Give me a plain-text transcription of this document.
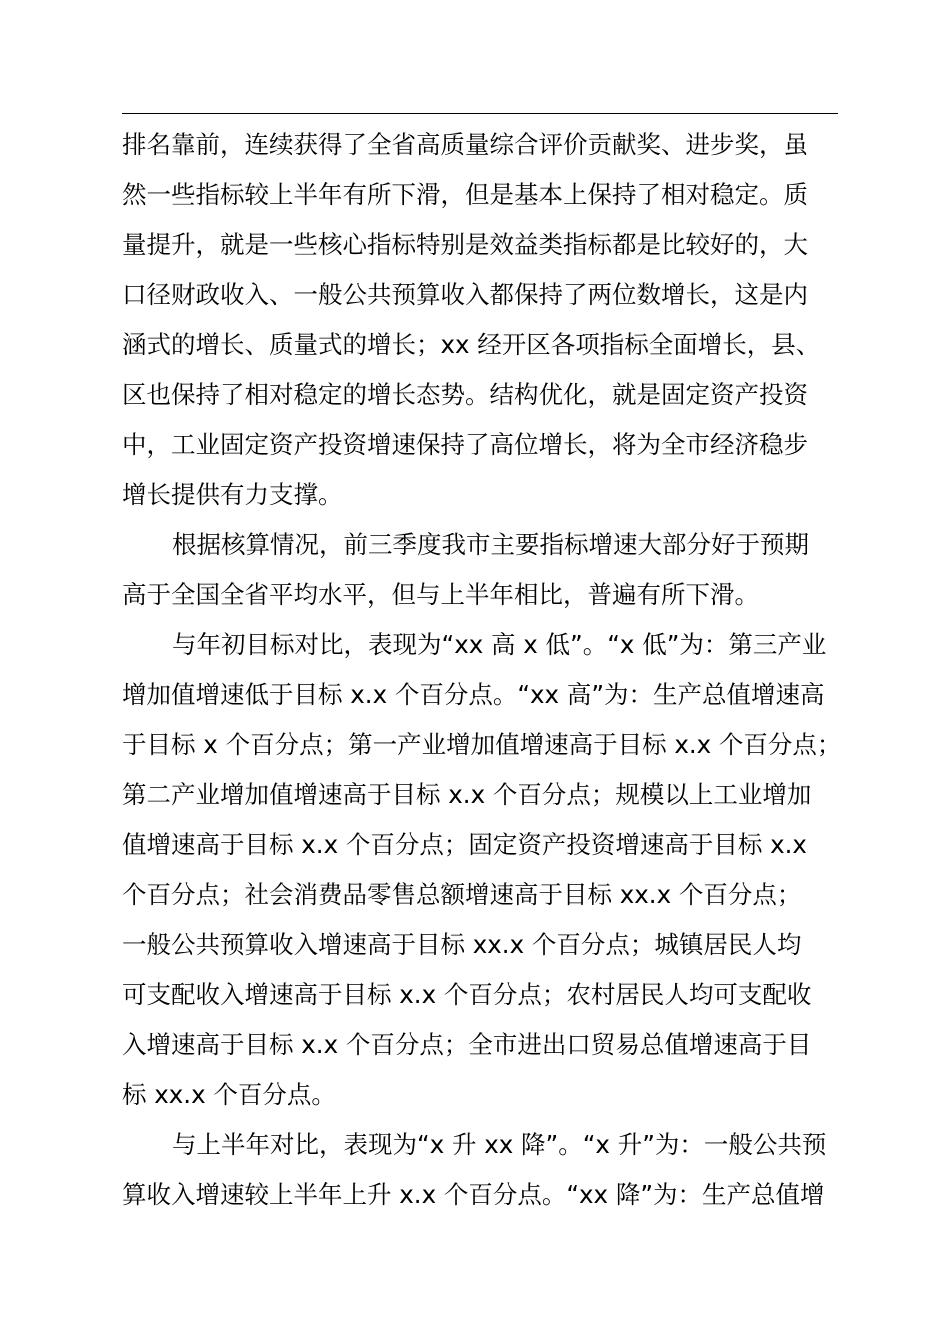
排名靠前，连续获得了全省高质量综合评价贡献奖、进步奖，虽
然一些指标较上半年有所下滑，但是基本上保持了相对稳定。质
量提升，就是一些核心指标特别是效益类指标都是比较好的，大
口径财政收入、一般公共预算收入都保持了两位数增长，这是内
涵式的增长、质量式的增长；xx 经开区各项指标全面增长，县、
区也保持了相对稳定的增长态势。结构优化，就是固定资产投资
中，工业固定资产投资增速保持了高位增长，将为全市经济稳步
增长提供有力支撑。
根据核算情况，前三季度我市主要指标增速大部分好于预期
高于全国全省平均水平，但与上半年相比，普遍有所下滑。
与年初目标对比，表现为“xx 高 x 低”。“x 低”为：第三产业
增加值增速低于目标 x.x 个百分点。“xx 高”为：生产总值增速高
于目标 x 个百分点；第一产业增加值增速高于目标 x.x 个百分点；
第二产业增加值增速高于目标 x.x 个百分点；规模以上工业增加
值增速高于目标 x.x 个百分点；固定资产投资增速高于目标 x.x
个百分点；社会消费品零售总额增速高于目标 xx.x 个百分点；
一般公共预算收入增速高于目标 xx.x 个百分点；城镇居民人均
可支配收入增速高于目标 x.x 个百分点；农村居民人均可支配收
入增速高于目标 x.x 个百分点；全市进出口贸易总值增速高于目
标 xx.x 个百分点。
与上半年对比，表现为“x 升 xx 降”。“x 升”为：一般公共预
算收入增速较上半年上升 x.x 个百分点。“xx 降”为：生产总值增
